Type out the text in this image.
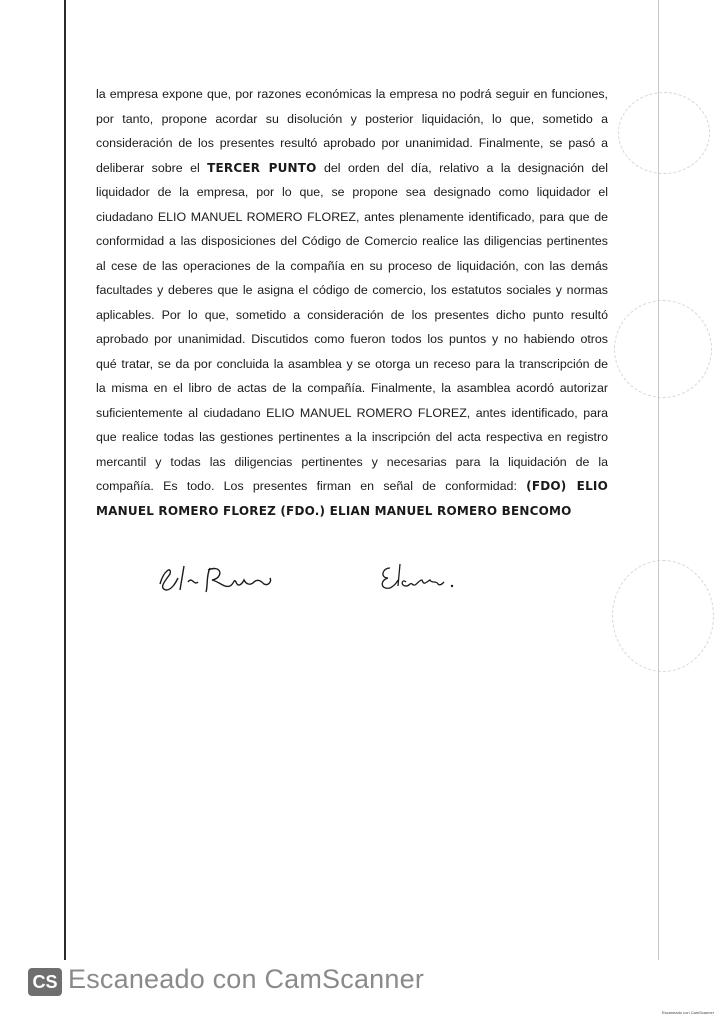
la empresa expone que, por razones económicas la empresa no podrá seguir en funciones,
por tanto, propone acordar su disolución y posterior liquidación, lo que, sometido a
consideración de los presentes resultó aprobado por unanimidad. Finalmente, se pasó a
deliberar sobre el TERCER PUNTO del orden del día, relativo a la designación del
liquidador de la empresa, por lo que, se propone sea designado como liquidador el
ciudadano ELIO MANUEL ROMERO FLOREZ, antes plenamente identificado, para que de
conformidad a las disposiciones del Código de Comercio realice las diligencias pertinentes
al cese de las operaciones de la compañía en su proceso de liquidación, con las demás
facultades y deberes que le asigna el código de comercio, los estatutos sociales y normas
aplicables. Por lo que, sometido a consideración de los presentes dicho punto resultó
aprobado por unanimidad. Discutidos como fueron todos los puntos y no habiendo otros
qué tratar, se da por concluida la asamblea y se otorga un receso para la transcripción de
la misma en el libro de actas de la compañía. Finalmente, la asamblea acordó autorizar
suficientemente al ciudadano ELIO MANUEL ROMERO FLOREZ, antes identificado, para
que realice todas las gestiones pertinentes a la inscripción del acta respectiva en registro
mercantil y todas las diligencias pertinentes y necesarias para la liquidación de la
compañía. Es todo. Los presentes firman en señal de conformidad: (FDO) ELIO
MANUEL ROMERO FLOREZ (FDO.) ELIAN MANUEL ROMERO BENCOMO
CS Escaneado con CamScanner
Escaneado con CamScanner
